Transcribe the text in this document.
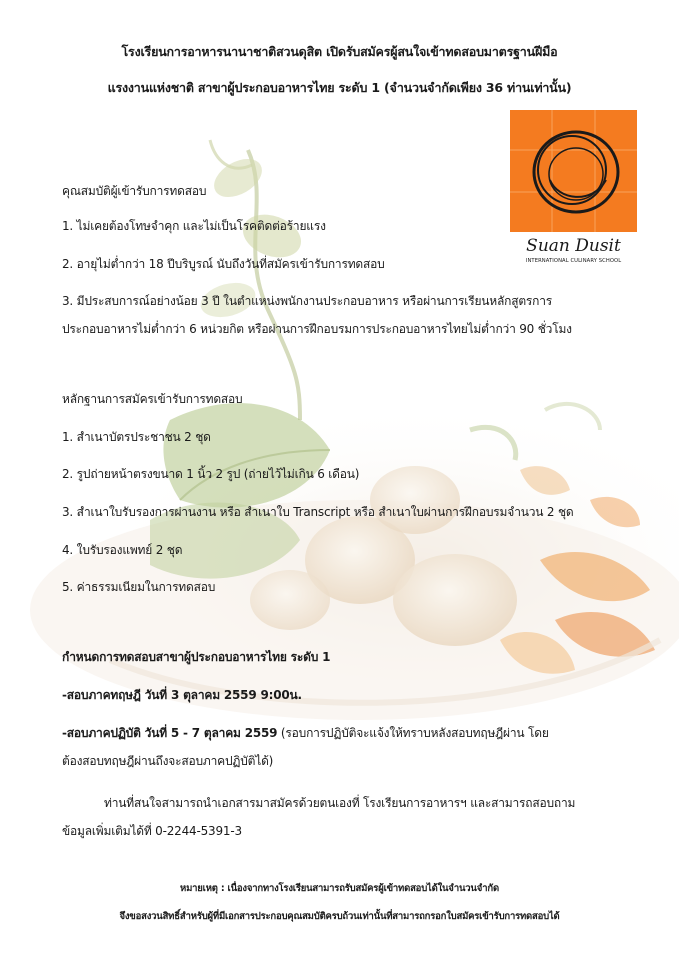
โรงเรียนการอาหารนานาชาติสวนดุสิต เปิดรับสมัครผู้สนใจเข้าทดสอบมาตรฐานฝีมือ
แรงงานแห่งชาติ สาขาผู้ประกอบอาหารไทย ระดับ 1 (จำนวนจำกัดเพียง 36 ท่านเท่านั้น)
Suan Dusit
INTERNATIONAL CULINARY SCHOOL
คุณสมบัติผู้เข้ารับการทดสอบ
1. ไม่เคยต้องโทษจำคุก และไม่เป็นโรคติดต่อร้ายแรง
2. อายุไม่ต่ำกว่า 18 ปีบริบูรณ์ นับถึงวันที่สมัครเข้ารับการทดสอบ
3. มีประสบการณ์อย่างน้อย 3 ปี ในตำแหน่งพนักงานประกอบอาหาร หรือผ่านการเรียนหลักสูตรการ
ประกอบอาหารไม่ต่ำกว่า 6 หน่วยกิต หรือผ่านการฝึกอบรมการประกอบอาหารไทยไม่ต่ำกว่า 90 ชั่วโมง
หลักฐานการสมัครเข้ารับการทดสอบ
1. สำเนาบัตรประชาชน 2 ชุด
2. รูปถ่ายหน้าตรงขนาด 1 นิ้ว 2 รูป (ถ่ายไว้ไม่เกิน 6 เดือน)
3. สำเนาใบรับรองการผ่านงาน หรือ สำเนาใบ Transcript หรือ สำเนาใบผ่านการฝึกอบรมจำนวน 2 ชุด
4. ใบรับรองแพทย์ 2 ชุด
5. ค่าธรรมเนียมในการทดสอบ
กำหนดการทดสอบสาขาผู้ประกอบอาหารไทย ระดับ 1
-สอบภาคทฤษฎี วันที่ 3 ตุลาคม 2559 9:00น.
-สอบภาคปฏิบัติ วันที่ 5 - 7 ตุลาคม 2559 (รอบการปฏิบัติจะแจ้งให้ทราบหลังสอบทฤษฎีผ่าน โดย
ต้องสอบทฤษฎีผ่านถึงจะสอบภาคปฏิบัติได้)
ท่านที่สนใจสามารถนำเอกสารมาสมัครด้วยตนเองที่ โรงเรียนการอาหารฯ และสามารถสอบถาม
ข้อมูลเพิ่มเติมได้ที่ 0-2244-5391-3
หมายเหตุ : เนื่องจากทางโรงเรียนสามารถรับสมัครผู้เข้าทดสอบได้ในจำนวนจำกัด
จึงขอสงวนสิทธิ์สำหรับผู้ที่มีเอกสารประกอบคุณสมบัติครบถ้วนเท่านั้นที่สามารถกรอกใบสมัครเข้ารับการทดสอบได้
